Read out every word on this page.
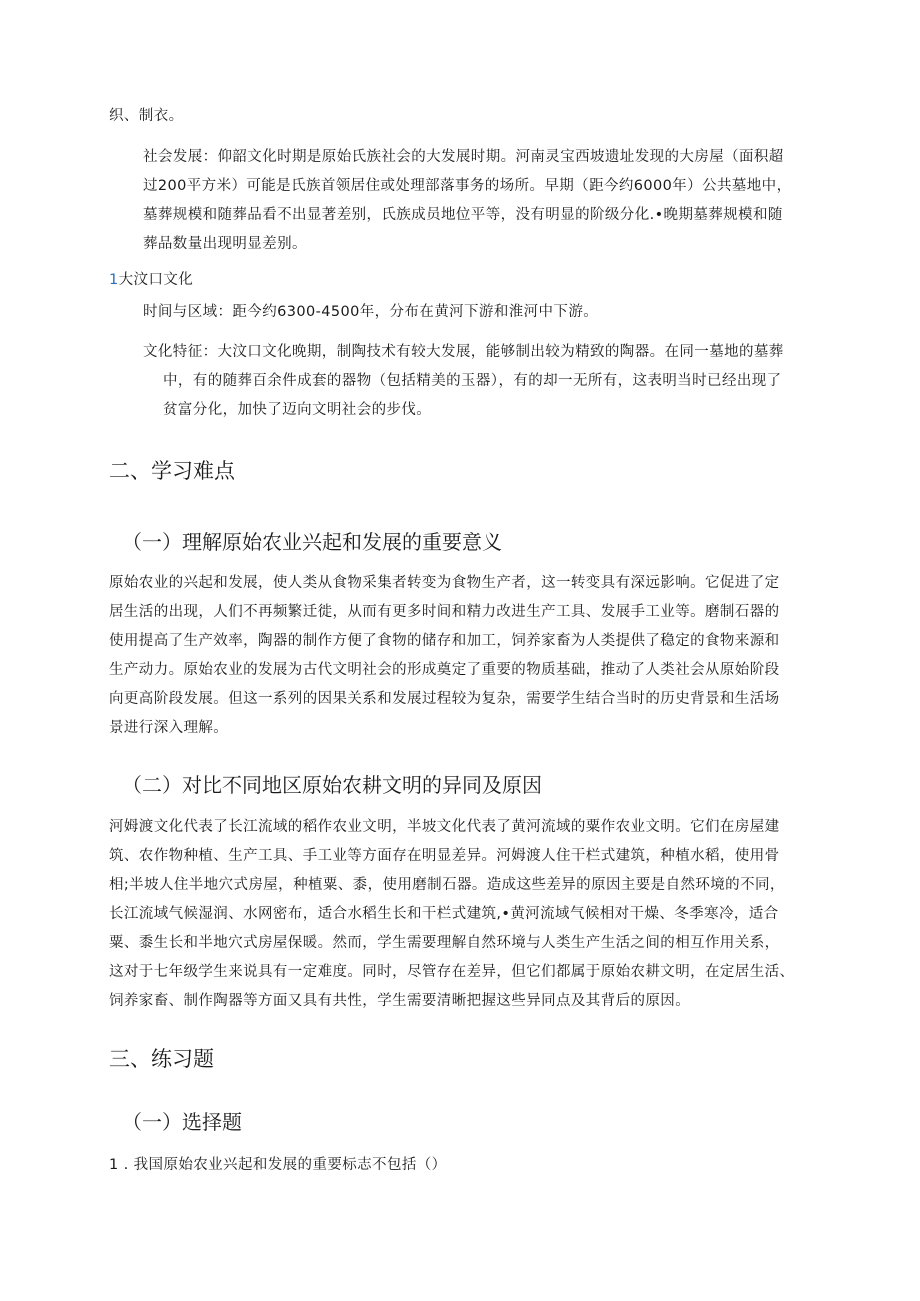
织、制衣。
社会发展：仰韶文化时期是原始氏族社会的大发展时期。河南灵宝西坡遗址发现的大房屋（面积超
过200平方米）可能是氏族首领居住或处理部落事务的场所。早期（距今约6000年）公共墓地中，
墓葬规模和随葬品看不出显著差别，氏族成员地位平等，没有明显的阶级分化.•晚期墓葬规模和随
葬品数量出现明显差别。
1大汶口文化
时间与区域：距今约6300-4500年，分布在黄河下游和淮河中下游。
文化特征：大汶口文化晚期，制陶技术有较大发展，能够制出较为精致的陶器。在同一墓地的墓葬
中，有的随葬百余件成套的器物（包括精美的玉器），有的却一无所有，这表明当时已经出现了
贫富分化，加快了迈向文明社会的步伐。
二、学习难点
（一）理解原始农业兴起和发展的重要意义
原始农业的兴起和发展，使人类从食物采集者转变为食物生产者，这一转变具有深远影响。它促进了定
居生活的出现，人们不再频繁迁徙，从而有更多时间和精力改进生产工具、发展手工业等。磨制石器的
使用提高了生产效率，陶器的制作方便了食物的储存和加工，饲养家畜为人类提供了稳定的食物来源和
生产动力。原始农业的发展为古代文明社会的形成奠定了重要的物质基础，推动了人类社会从原始阶段
向更高阶段发展。但这一系列的因果关系和发展过程较为复杂，需要学生结合当时的历史背景和生活场
景进行深入理解。
（二）对比不同地区原始农耕文明的异同及原因
河姆渡文化代表了长江流域的稻作农业文明，半坡文化代表了黄河流域的粟作农业文明。它们在房屋建
筑、农作物种植、生产工具、手工业等方面存在明显差异。河姆渡人住干栏式建筑，种植水稻，使用骨
相;半坡人住半地穴式房屋，种植粟、黍，使用磨制石器。造成这些差异的原因主要是自然环境的不同，
长江流域气候湿润、水网密布，适合水稻生长和干栏式建筑,•黄河流域气候相对干燥、冬季寒冷，适合
粟、黍生长和半地穴式房屋保暖。然而，学生需要理解自然环境与人类生产生活之间的相互作用关系，
这对于七年级学生来说具有一定难度。同时，尽管存在差异，但它们都属于原始农耕文明，在定居生活、
饲养家畜、制作陶器等方面又具有共性，学生需要清晰把握这些异同点及其背后的原因。
三、练习题
（一）选择题
1 . 我国原始农业兴起和发展的重要标志不包括（）
